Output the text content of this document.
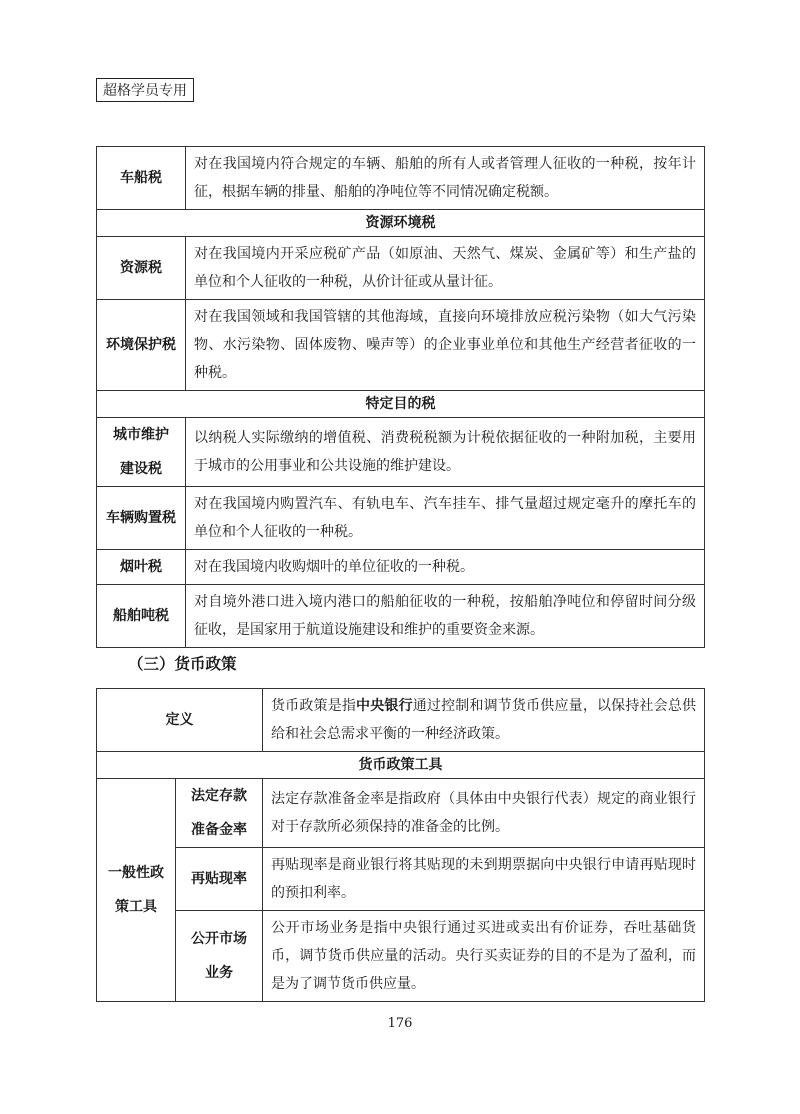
超格学员专用
车船税	对在我国境内符合规定的车辆、船舶的所有人或者管理人征收的一种税，按年计征，根据车辆的排量、船舶的净吨位等不同情况确定税额。
资源环境税	

资源税	对在我国境内开采应税矿产品（如原油、天然气、煤炭、金属矿等）和生产盐的单位和个人征收的一种税，从价计征或从量计征。

环境保护税	对在我国领域和我国管辖的其他海域，直接向环境排放应税污染物（如大气污染物、水污染物、固体废物、噪声等）的企业事业单位和其他生产经营者征收的一种税。
特定目的税	

城市维护建设税	以纳税人实际缴纳的增值税、消费税税额为计税依据征收的一种附加税，主要用于城市的公用事业和公共设施的维护建设。

车辆购置税	对在我国境内购置汽车、有轨电车、汽车挂车、排气量超过规定毫升的摩托车的单位和个人征收的一种税。

烟叶税	对在我国境内收购烟叶的单位征收的一种税。

船舶吨税	对自境外港口进入境内港口的船舶征收的一种税，按船舶净吨位和停留时间分级征收，是国家用于航道设施建设和维护的重要资金来源。
（三）货币政策
定义		货币政策是指中央银行通过控制和调节货币供应量，以保持社会总供给和社会总需求平衡的一种经济政策。
货币政策工具		

一般性政策工具	法定存款准备金率	法定存款准备金率是指政府（具体由中央银行代表）规定的商业银行对于存款所必须保持的准备金的比例。

	再贴现率	再贴现率是商业银行将其贴现的未到期票据向中央银行申请再贴现时的预扣利率。

	公开市场业务	公开市场业务是指中央银行通过买进或卖出有价证券，吞吐基础货币，调节货币供应量的活动。央行买卖证券的目的不是为了盈利，而是为了调节货币供应量。
176
